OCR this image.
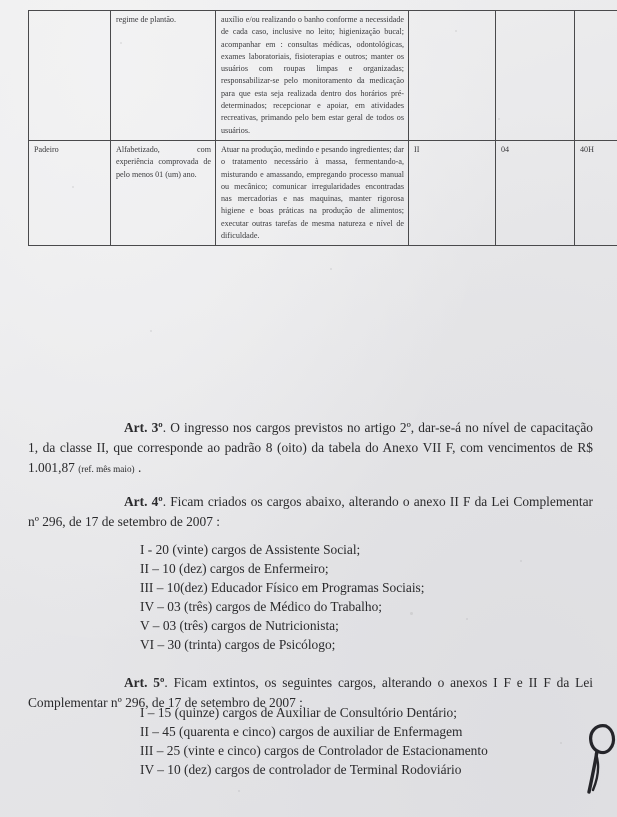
	regime de plantão.	auxílio e/ou realizando o banho conforme a necessidade de cada caso, inclusive no leito; higienização bucal; acompanhar em : consultas médicas, odontológicas, exames laboratoriais, fisioterapias e outros; manter os usuários com roupas limpas e organizadas; responsabilizar-se pelo monitoramento da medicação para que esta seja realizada dentro dos horários pré-determinados; recepcionar e apoiar, em atividades recreativas, primando pelo bem estar geral de todos os usuários.			
Padeiro	Alfabetizado, com experiência comprovada de pelo menos 01 (um) ano.	Atuar na produção, medindo e pesando ingredientes; dar o tratamento necessário à massa, fermentando-a, misturando e amassando, empregando processo manual ou mecânico; comunicar irregularidades encontradas nas mercadorias e nas maquinas, manter rigorosa higiene e boas práticas na produção de alimentos; executar outras tarefas de mesma natureza e nível de dificuldade.	II	04	40H

Art. 3º. O ingresso nos cargos previstos no artigo 2º, dar-se-á no nível de capacitação 1, da classe II, que corresponde ao padrão 8 (oito) da tabela do Anexo VII F, com vencimentos de R$ 1.001,87 (ref. mês maio) .

Art. 4º. Ficam criados os cargos abaixo, alterando o anexo II F da Lei Complementar nº 296, de 17 de setembro de 2007 :

I - 20 (vinte) cargos de Assistente Social;
II – 10 (dez) cargos de Enfermeiro;
III – 10(dez) Educador Físico em Programas Sociais;
IV – 03 (três) cargos de Médico do Trabalho;
V – 03 (três) cargos de Nutricionista;
VI – 30 (trinta) cargos de Psicólogo;

Art. 5º. Ficam extintos, os seguintes cargos, alterando o anexos I F e II F da Lei Complementar nº 296, de 17 de setembro de 2007 :

I – 15 (quinze) cargos de Auxiliar de Consultório Dentário;
II – 45 (quarenta e cinco) cargos de auxiliar de Enfermagem
III – 25 (vinte e cinco) cargos de Controlador de Estacionamento
IV – 10 (dez) cargos de controlador de Terminal Rodoviário
